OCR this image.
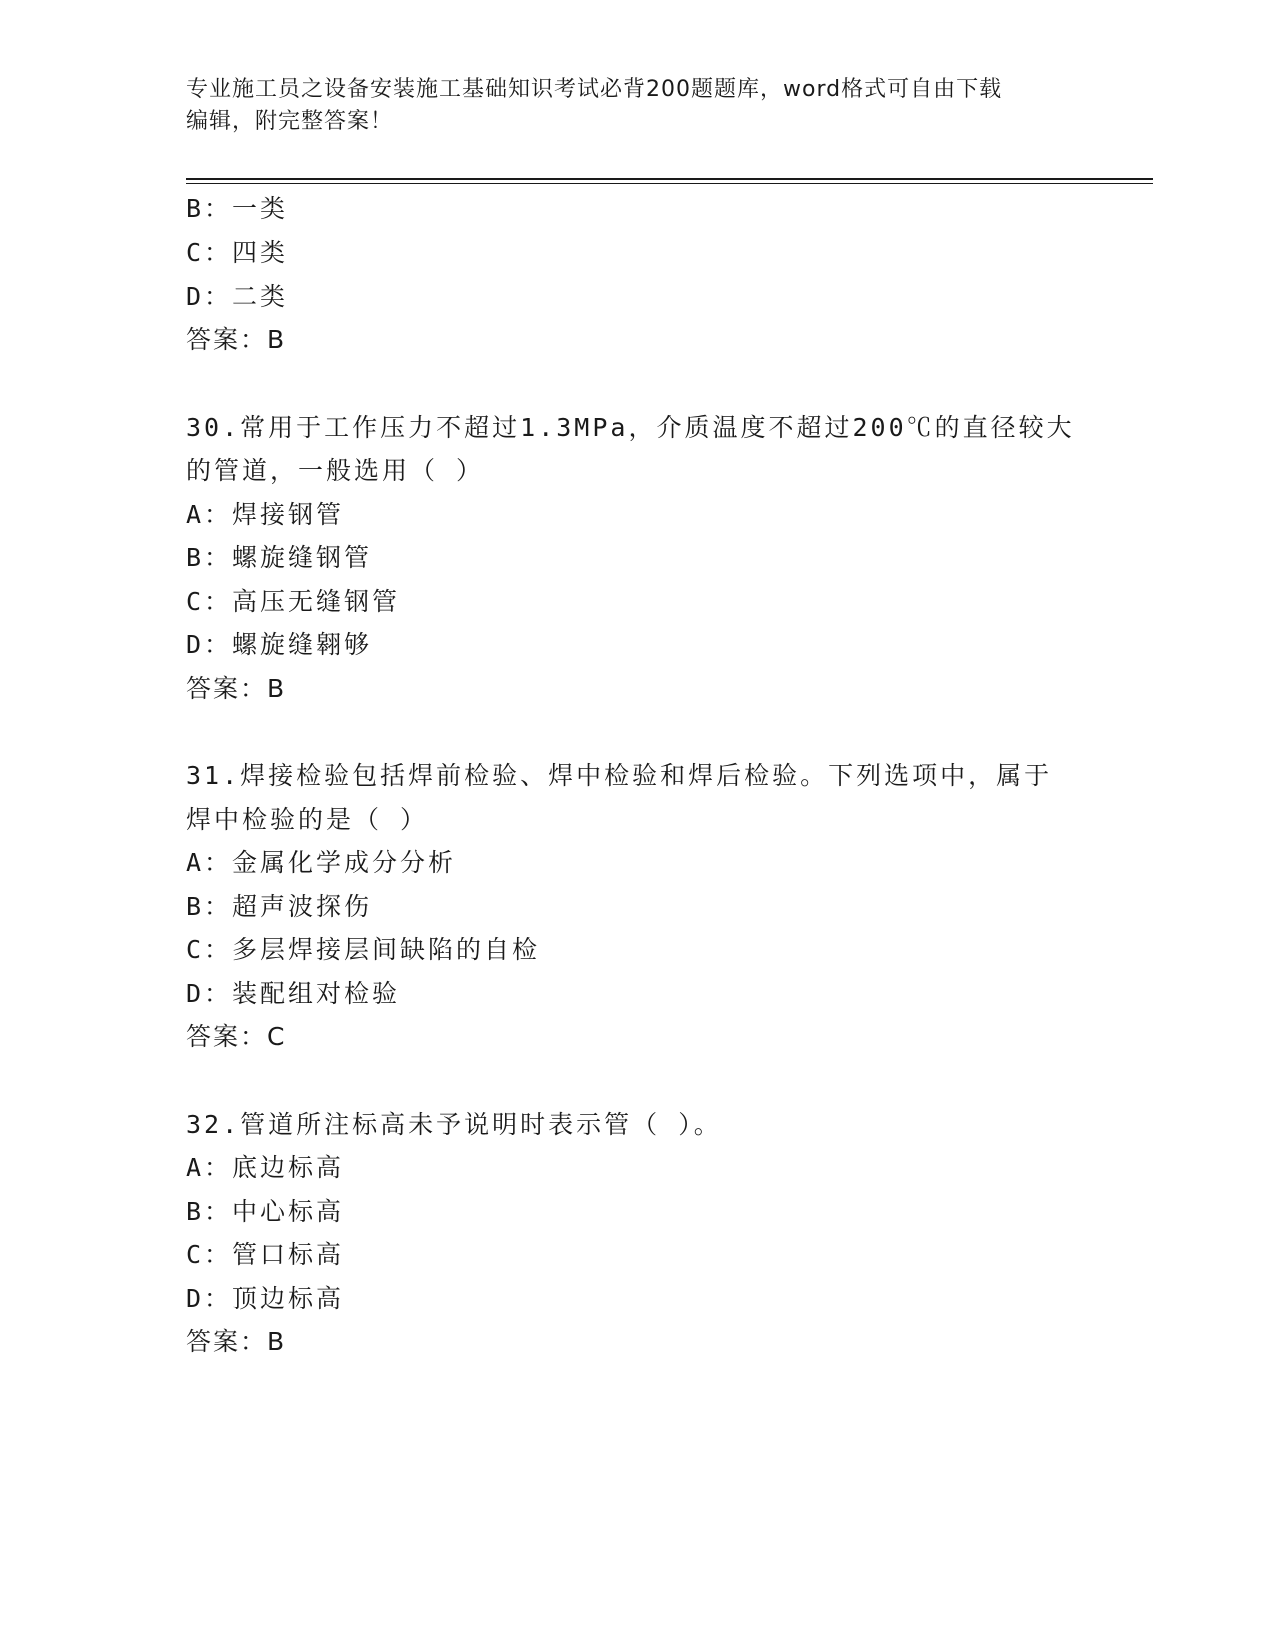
专业施工员之设备安装施工基础知识考试必背200题题库，word格式可自由下载
编辑，附完整答案！
B：一类
C：四类
D：二类
答案：B
30.常用于工作压力不超过1.3MPa，介质温度不超过200℃的直径较大
的管道，一般选用（ ）
A：焊接钢管
B：螺旋缝钢管
C：高压无缝钢管
D：螺旋缝翱够
答案：B
31.焊接检验包括焊前检验、焊中检验和焊后检验。下列选项中，属于
焊中检验的是（ ）
A：金属化学成分分析
B：超声波探伤
C：多层焊接层间缺陷的自检
D：装配组对检验
答案：C
32.管道所注标高未予说明时表示管（ ）。
A：底边标高
B：中心标高
C：管口标高
D：顶边标高
答案：B
